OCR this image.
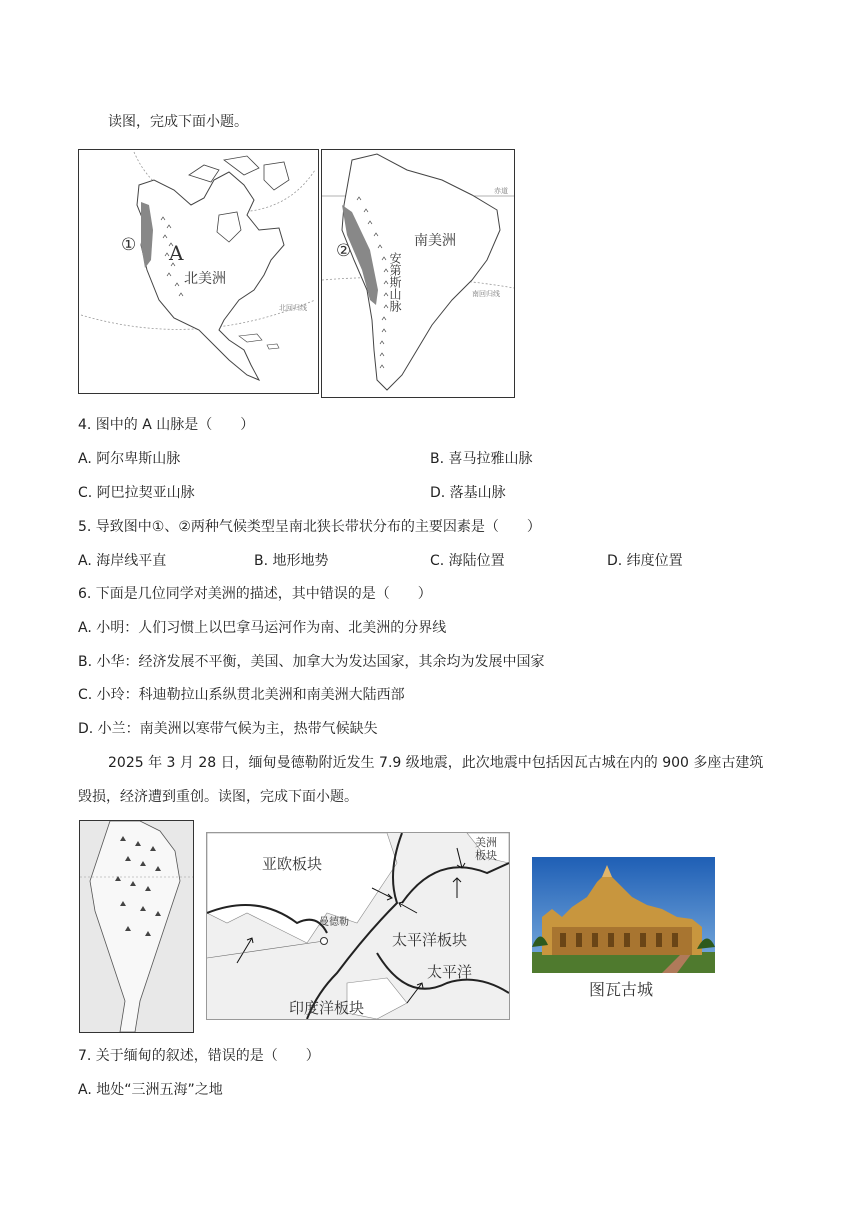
读图，完成下面小题。
北回归线
① A
北美洲
赤道
南回归线
②	南美洲
安第斯山脉
4. 图中的 A 山脉是（　　）
A. 阿尔卑斯山脉	B. 喜马拉雅山脉
C. 阿巴拉契亚山脉	D. 落基山脉
5. 导致图中①、②两种气候类型呈南北狭长带状分布的主要因素是（　　）
A. 海岸线平直	B. 地形地势	C. 海陆位置	D. 纬度位置
6. 下面是几位同学对美洲的描述，其中错误的是（　　）
A. 小明：人们习惯上以巴拿马运河作为南、北美洲的分界线
B. 小华：经济发展不平衡，美国、加拿大为发达国家，其余均为发展中国家
C. 小玲：科迪勒拉山系纵贯北美洲和南美洲大陆西部
D. 小兰：南美洲以寒带气候为主，热带气候缺失
2025 年 3 月 28 日，缅甸曼德勒附近发生 7.9 级地震，此次地震中包括因瓦古城在内的 900 多座古建筑
毁损，经济遭到重创。读图，完成下面小题。
亚欧板块
美洲
板块
太平洋板块
太平洋
印度洋板块
曼德勒
图瓦古城
7. 关于缅甸的叙述，错误的是（　　）
A. 地处“三洲五海”之地
